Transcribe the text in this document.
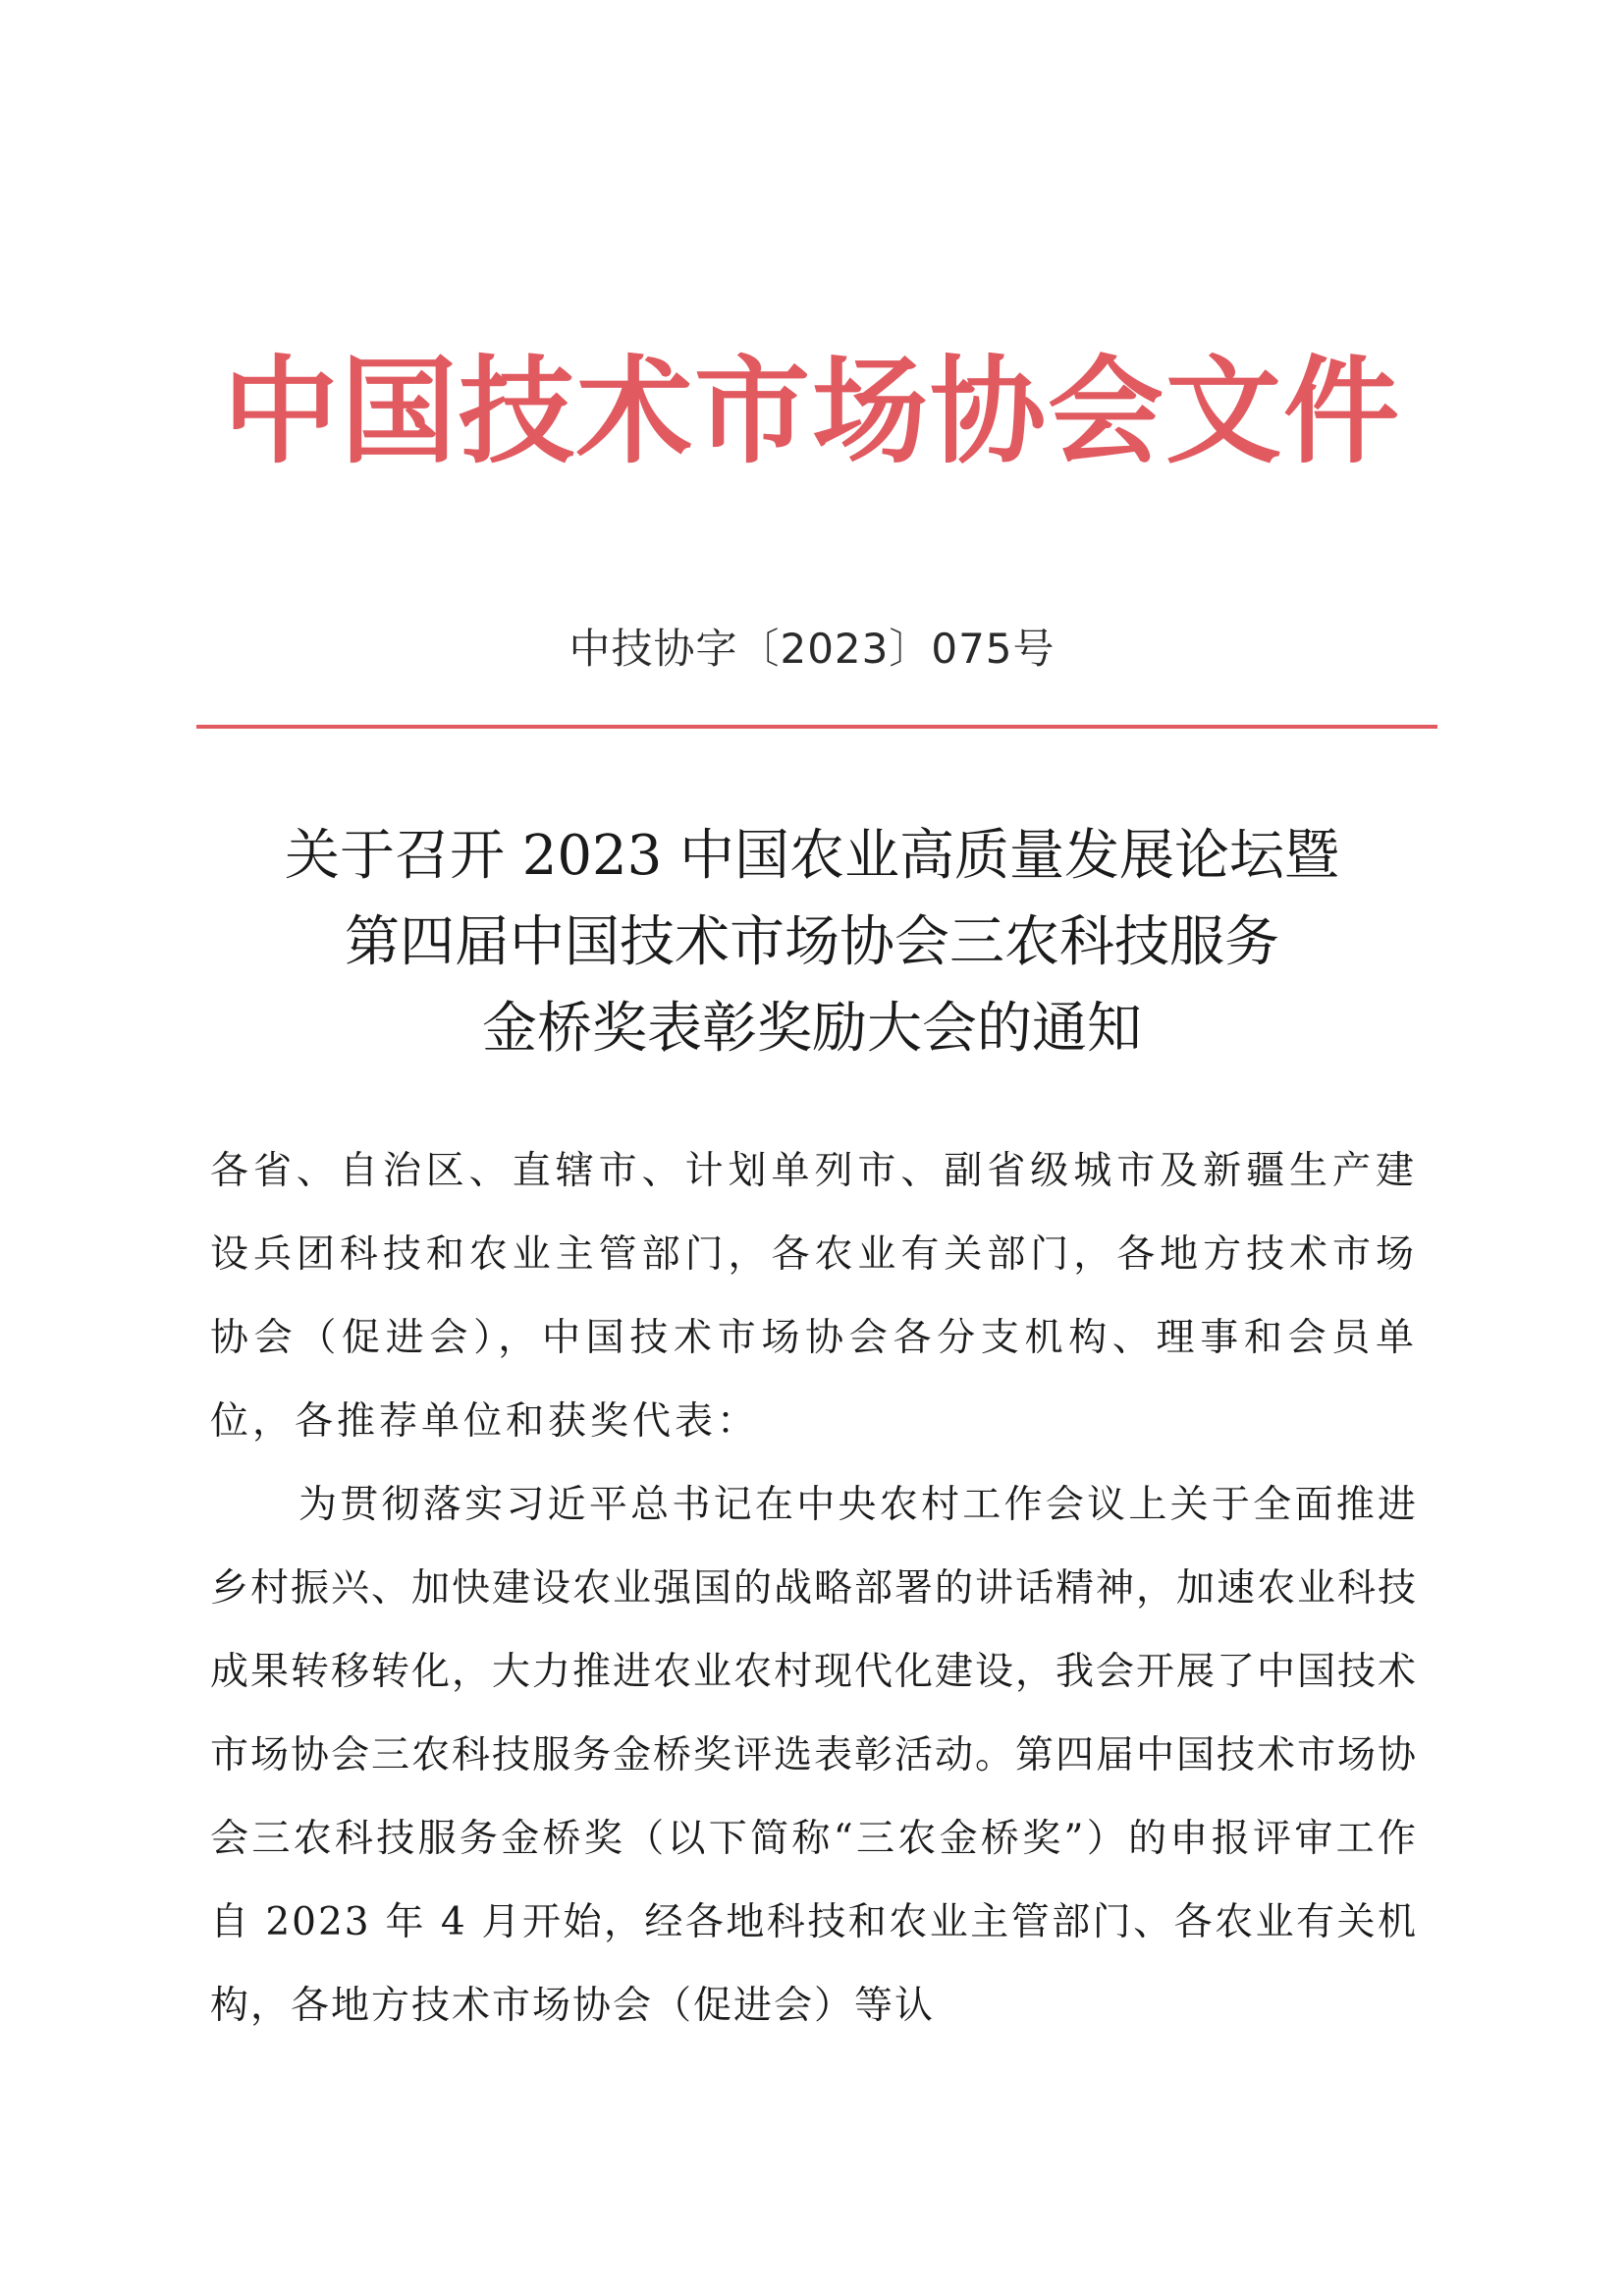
中国技术市场协会文件
中技协字〔2023〕075号
关于召开 2023 中国农业高质量发展论坛暨
第四届中国技术市场协会三农科技服务
金桥奖表彰奖励大会的通知
各省、自治区、直辖市、计划单列市、副省级城市及新疆生产建设兵团科技和农业主管部门，各农业有关部门，各地方技术市场协会（促进会），中国技术市场协会各分支机构、理事和会员单位，各推荐单位和获奖代表：
为贯彻落实习近平总书记在中央农村工作会议上关于全面推进乡村振兴、加快建设农业强国的战略部署的讲话精神，加速农业科技成果转移转化，大力推进农业农村现代化建设，我会开展了中国技术市场协会三农科技服务金桥奖评选表彰活动。第四届中国技术市场协会三农科技服务金桥奖（以下简称“三农金桥奖”）的申报评审工作自 2023 年 4 月开始，经各地科技和农业主管部门、各农业有关机构，各地方技术市场协会（促进会）等认
